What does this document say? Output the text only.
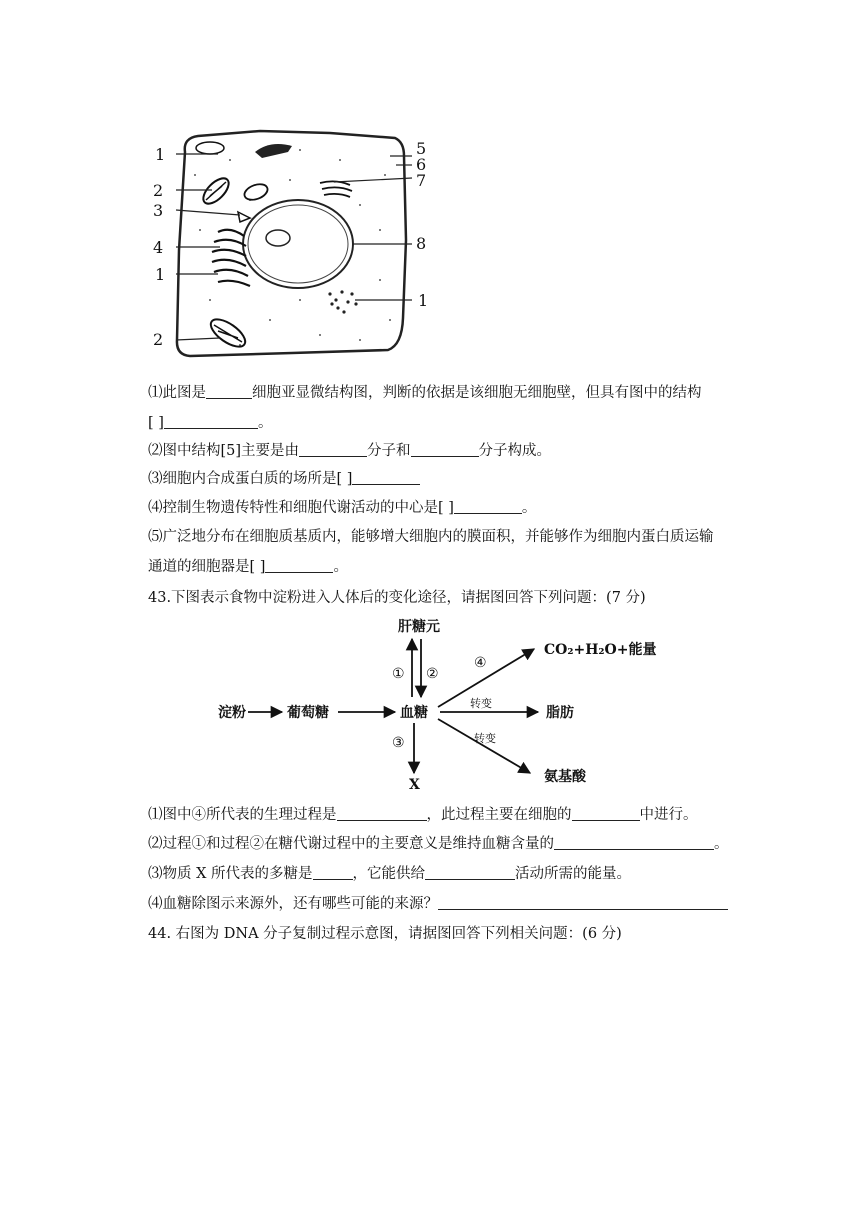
1
2
3
4
1
2
5
6
7
8
1
⑴此图是	细胞亚显微结构图，判断的依据是该细胞无细胞壁，但具有图中的结构
[ ]	。
⑵图中结构[5]主要是由	分子和	分子构成。
⑶细胞内合成蛋白质的场所是[ ]
⑷控制生物遗传特性和细胞代谢活动的中心是[ ]	。
⑸广泛地分布在细胞质基质内，能够增大细胞内的膜面积，并能够作为细胞内蛋白质运输
通道的细胞器是[ ]	。
43.下图表示食物中淀粉进入人体后的变化途径，请据图回答下列问题：(7 分)
淀粉	葡萄糖	血糖
肝糖元
CO₂+H₂O+能量
脂肪
氨基酸
X
转变
转变
① ②
③
④
⑴图中④所代表的生理过程是	，此过程主要在细胞的	中进行。
⑵过程①和过程②在糖代谢过程中的主要意义是维持血糖含量的	。
⑶物质 X 所代表的多糖是	，它能供给	活动所需的能量。
⑷血糖除图示来源外，还有哪些可能的来源？
44. 右图为 DNA 分子复制过程示意图，请据图回答下列相关问题：(6 分)
